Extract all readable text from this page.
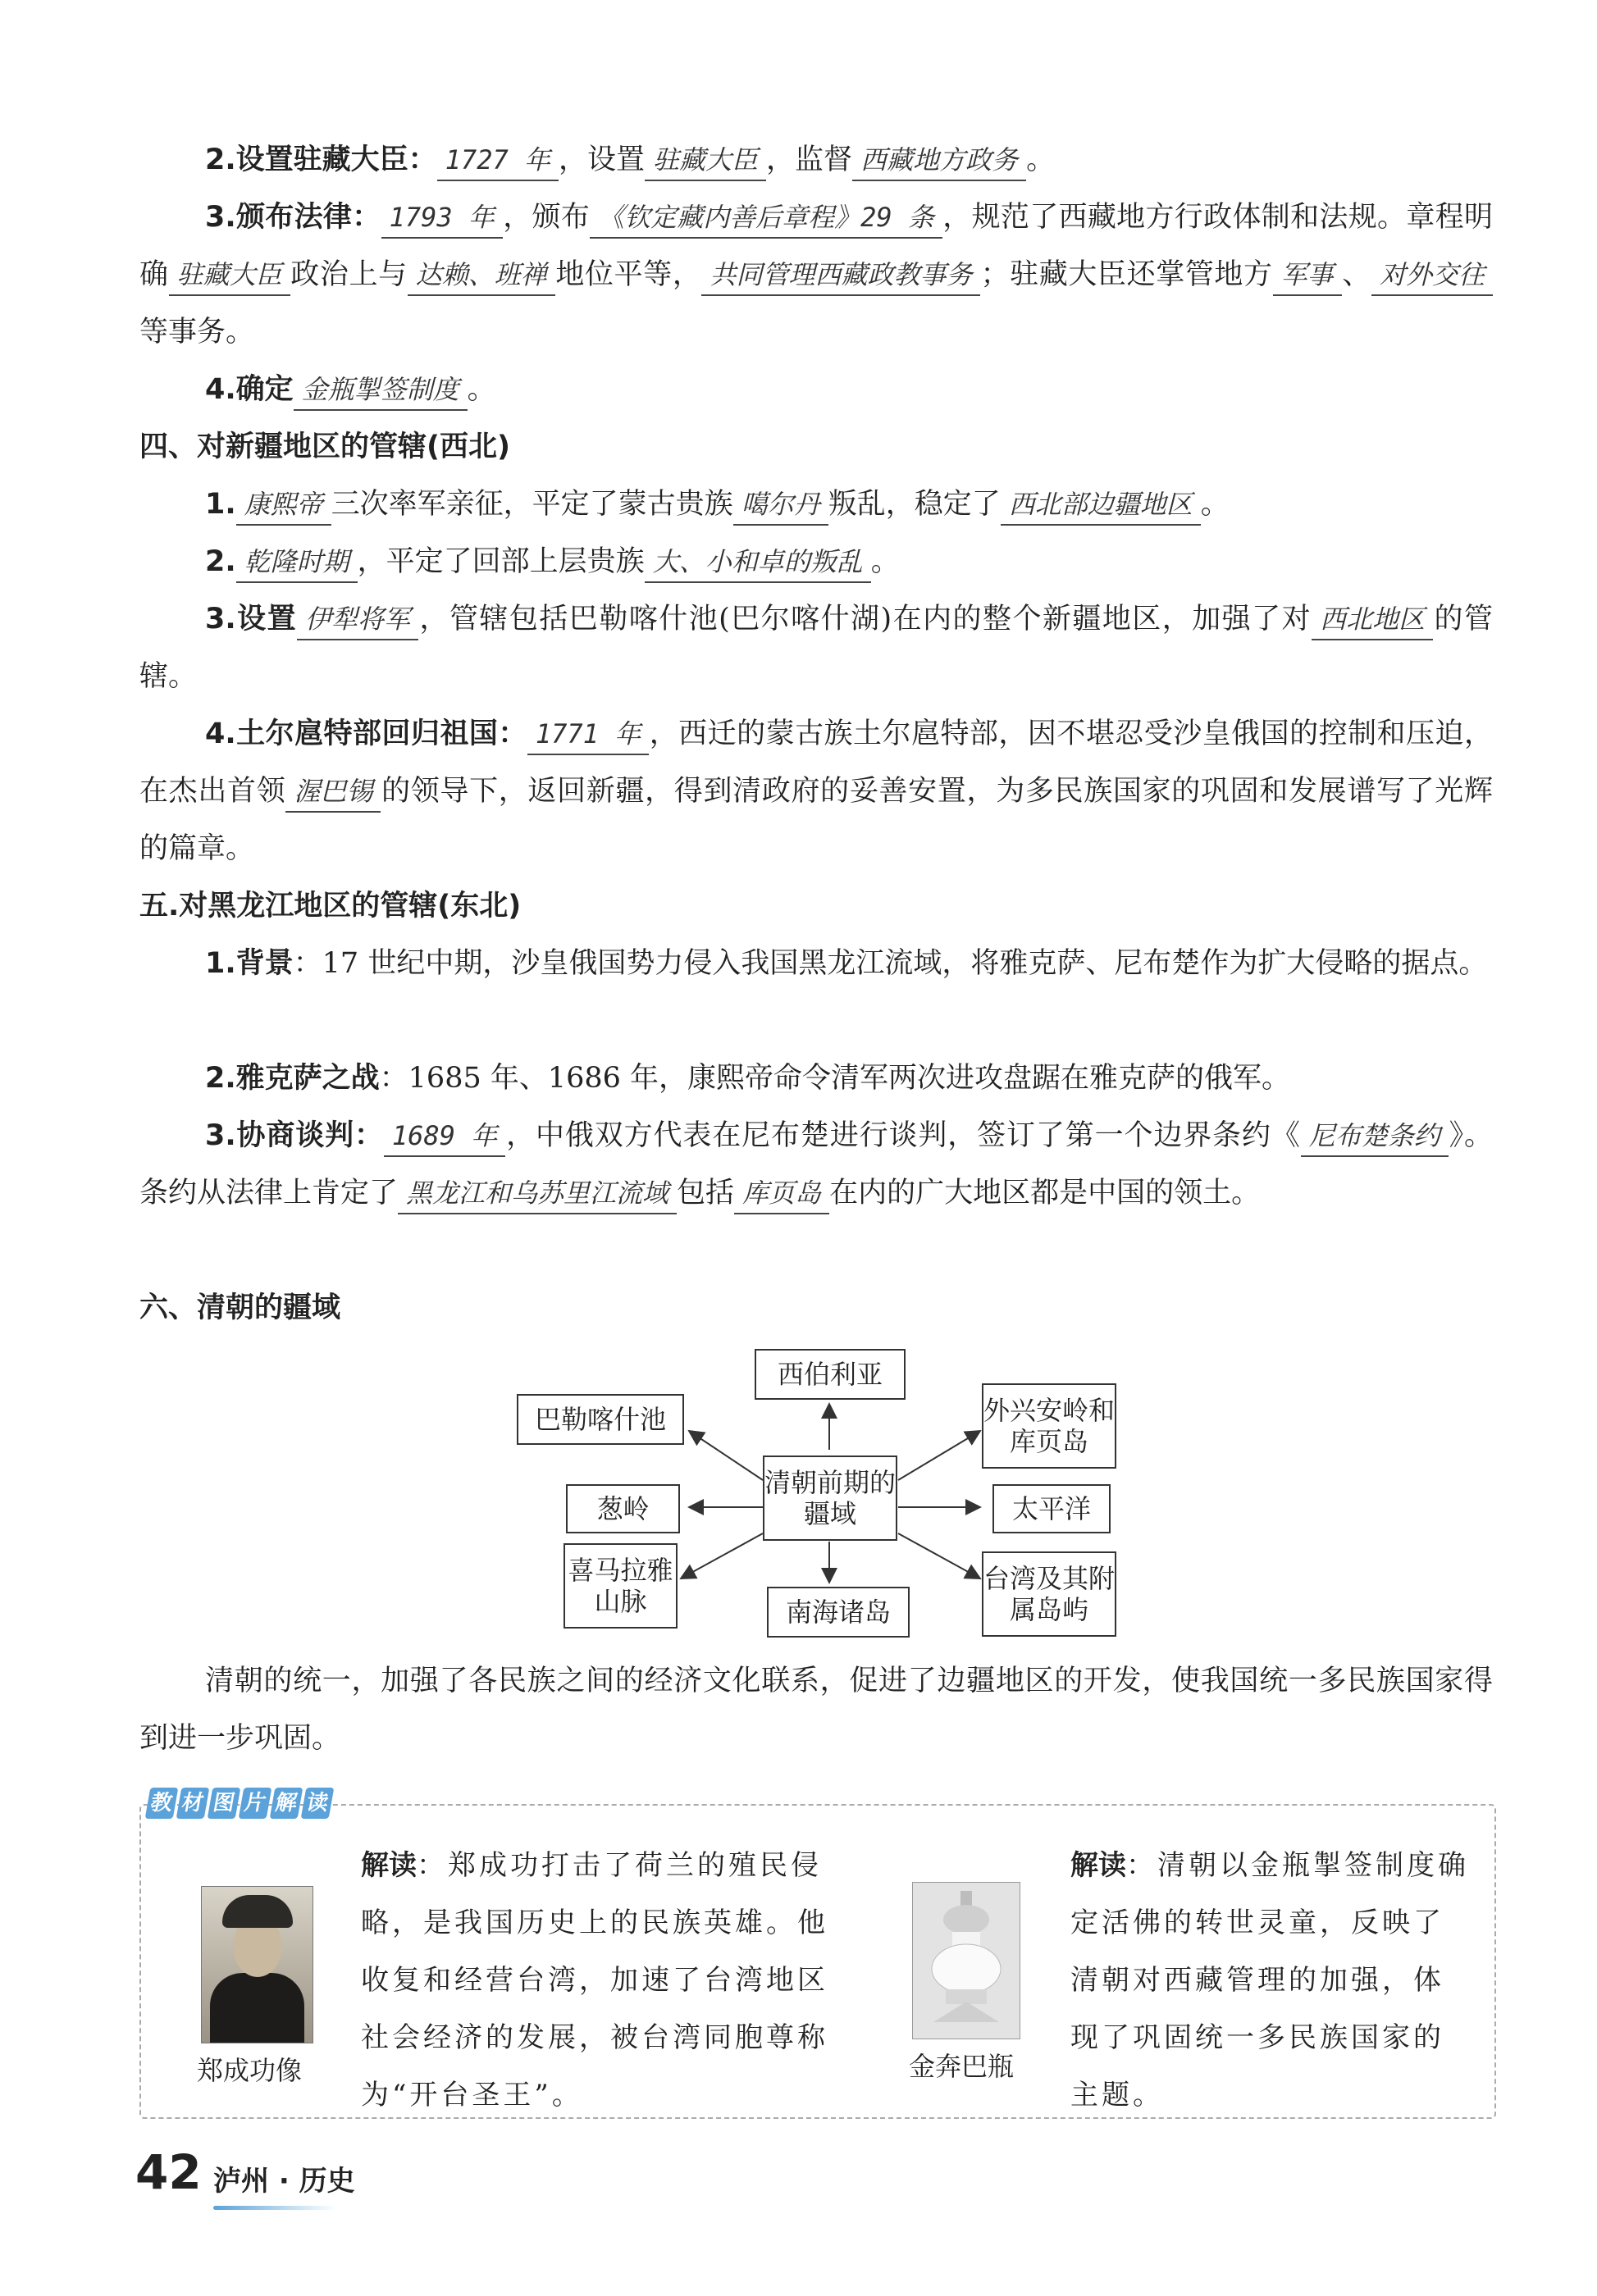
2.设置驻藏大臣： 1727 年 ，设置 驻藏大臣 ，监督 西藏地方政务 。

3.颁布法律： 1793 年 ，颁布 《钦定藏内善后章程》29 条 ，规范了西藏地方行政体制和法规。章程明确 驻藏大臣 政治上与 达赖、班禅 地位平等， 共同管理西藏政教事务 ；驻藏大臣还掌管地方 军事 、 对外交往等事务。

4.确定 金瓶掣签制度 。

四、对新疆地区的管辖(西北)

1. 康熙帝 三次率军亲征，平定了蒙古贵族 噶尔丹 叛乱，稳定了 西北部边疆地区 。

2. 乾隆时期 ，平定了回部上层贵族 大、小和卓的叛乱 。

3.设置 伊犁将军 ，管辖包括巴勒喀什池(巴尔喀什湖)在内的整个新疆地区，加强了对 西北地区 的管辖。

4.土尔扈特部回归祖国： 1771 年 ，西迁的蒙古族土尔扈特部，因不堪忍受沙皇俄国的控制和压迫，在杰出首领 渥巴锡 的领导下，返回新疆，得到清政府的妥善安置，为多民族国家的巩固和发展谱写了光辉的篇章。

五.对黑龙江地区的管辖(东北)

1.背景：17 世纪中期，沙皇俄国势力侵入我国黑龙江流域，将雅克萨、尼布楚作为扩大侵略的据点。

2.雅克萨之战：1685 年、1686 年，康熙帝命令清军两次进攻盘踞在雅克萨的俄军。

3.协商谈判： 1689 年 ，中俄双方代表在尼布楚进行谈判，签订了第一个边界条约《 尼布楚条约 》。条约从法律上肯定了 黑龙江和乌苏里江流域 包括 库页岛 在内的广大地区都是中国的领土。

六、清朝的疆域
清朝前期的疆域
西伯利亚
外兴安岭和库页岛
太平洋
台湾及其附属岛屿
南海诸岛
喜马拉雅山脉
葱岭
巴勒喀什池

清朝的统一，加强了各民族之间的经济文化联系，促进了边疆地区的开发，使我国统一多民族国家得到进一步巩固。

教 材 图 片 解 读
郑成功像

解读：郑成功打击了荷兰的殖民侵略，是我国历史上的民族英雄。他收复和经营台湾，加速了台湾地区社会经济的发展，被台湾同胞尊称为“开台圣王”。

金奔巴瓶

解读：清朝以金瓶掣签制度确定活佛的转世灵童，反映了清朝对西藏管理的加强，体现了巩固统一多民族国家的主题。

42 泸州 · 历史
